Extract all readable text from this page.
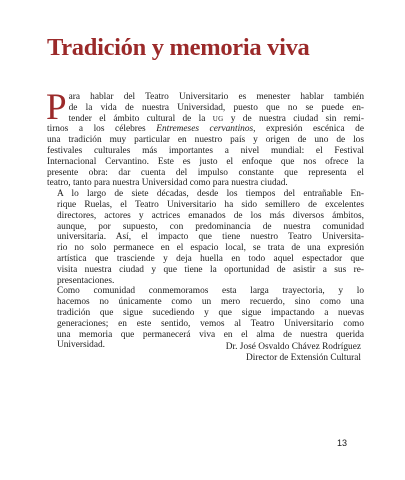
Tradición y memoria viva

P ara hablar del Teatro Universitario es menester hablar también
de la vida de nuestra Universidad, puesto que no se puede en-
tender el ámbito cultural de la UG y de nuestra ciudad sin remi-
tirnos a los célebres Entremeses cervantinos, expresión escénica de
una tradición muy particular en nuestro país y origen de uno de los
festivales culturales más importantes a nivel mundial: el Festival
Internacional Cervantino. Este es justo el enfoque que nos ofrece la
presente obra: dar cuenta del impulso constante que representa el
teatro, tanto para nuestra Universidad como para nuestra ciudad.

A lo largo de siete décadas, desde los tiempos del entrañable En-
rique Ruelas, el Teatro Universitario ha sido semillero de excelentes
directores, actores y actrices emanados de los más diversos ámbitos,
aunque, por supuesto, con predominancia de nuestra comunidad
universitaria. Así, el impacto que tiene nuestro Teatro Universita-
rio no solo permanece en el espacio local, se trata de una expresión
artística que trasciende y deja huella en todo aquel espectador que
visita nuestra ciudad y que tiene la oportunidad de asistir a sus re-
presentaciones.

Como comunidad conmemoramos esta larga trayectoria, y lo
hacemos no únicamente como un mero recuerdo, sino como una
tradición que sigue sucediendo y que sigue impactando a nuevas
generaciones; en este sentido, vemos al Teatro Universitario como
una memoria que permanecerá viva en el alma de nuestra querida
Universidad.	Dr. José Osvaldo Chávez Rodríguez
Director de Extensión Cultural
13
